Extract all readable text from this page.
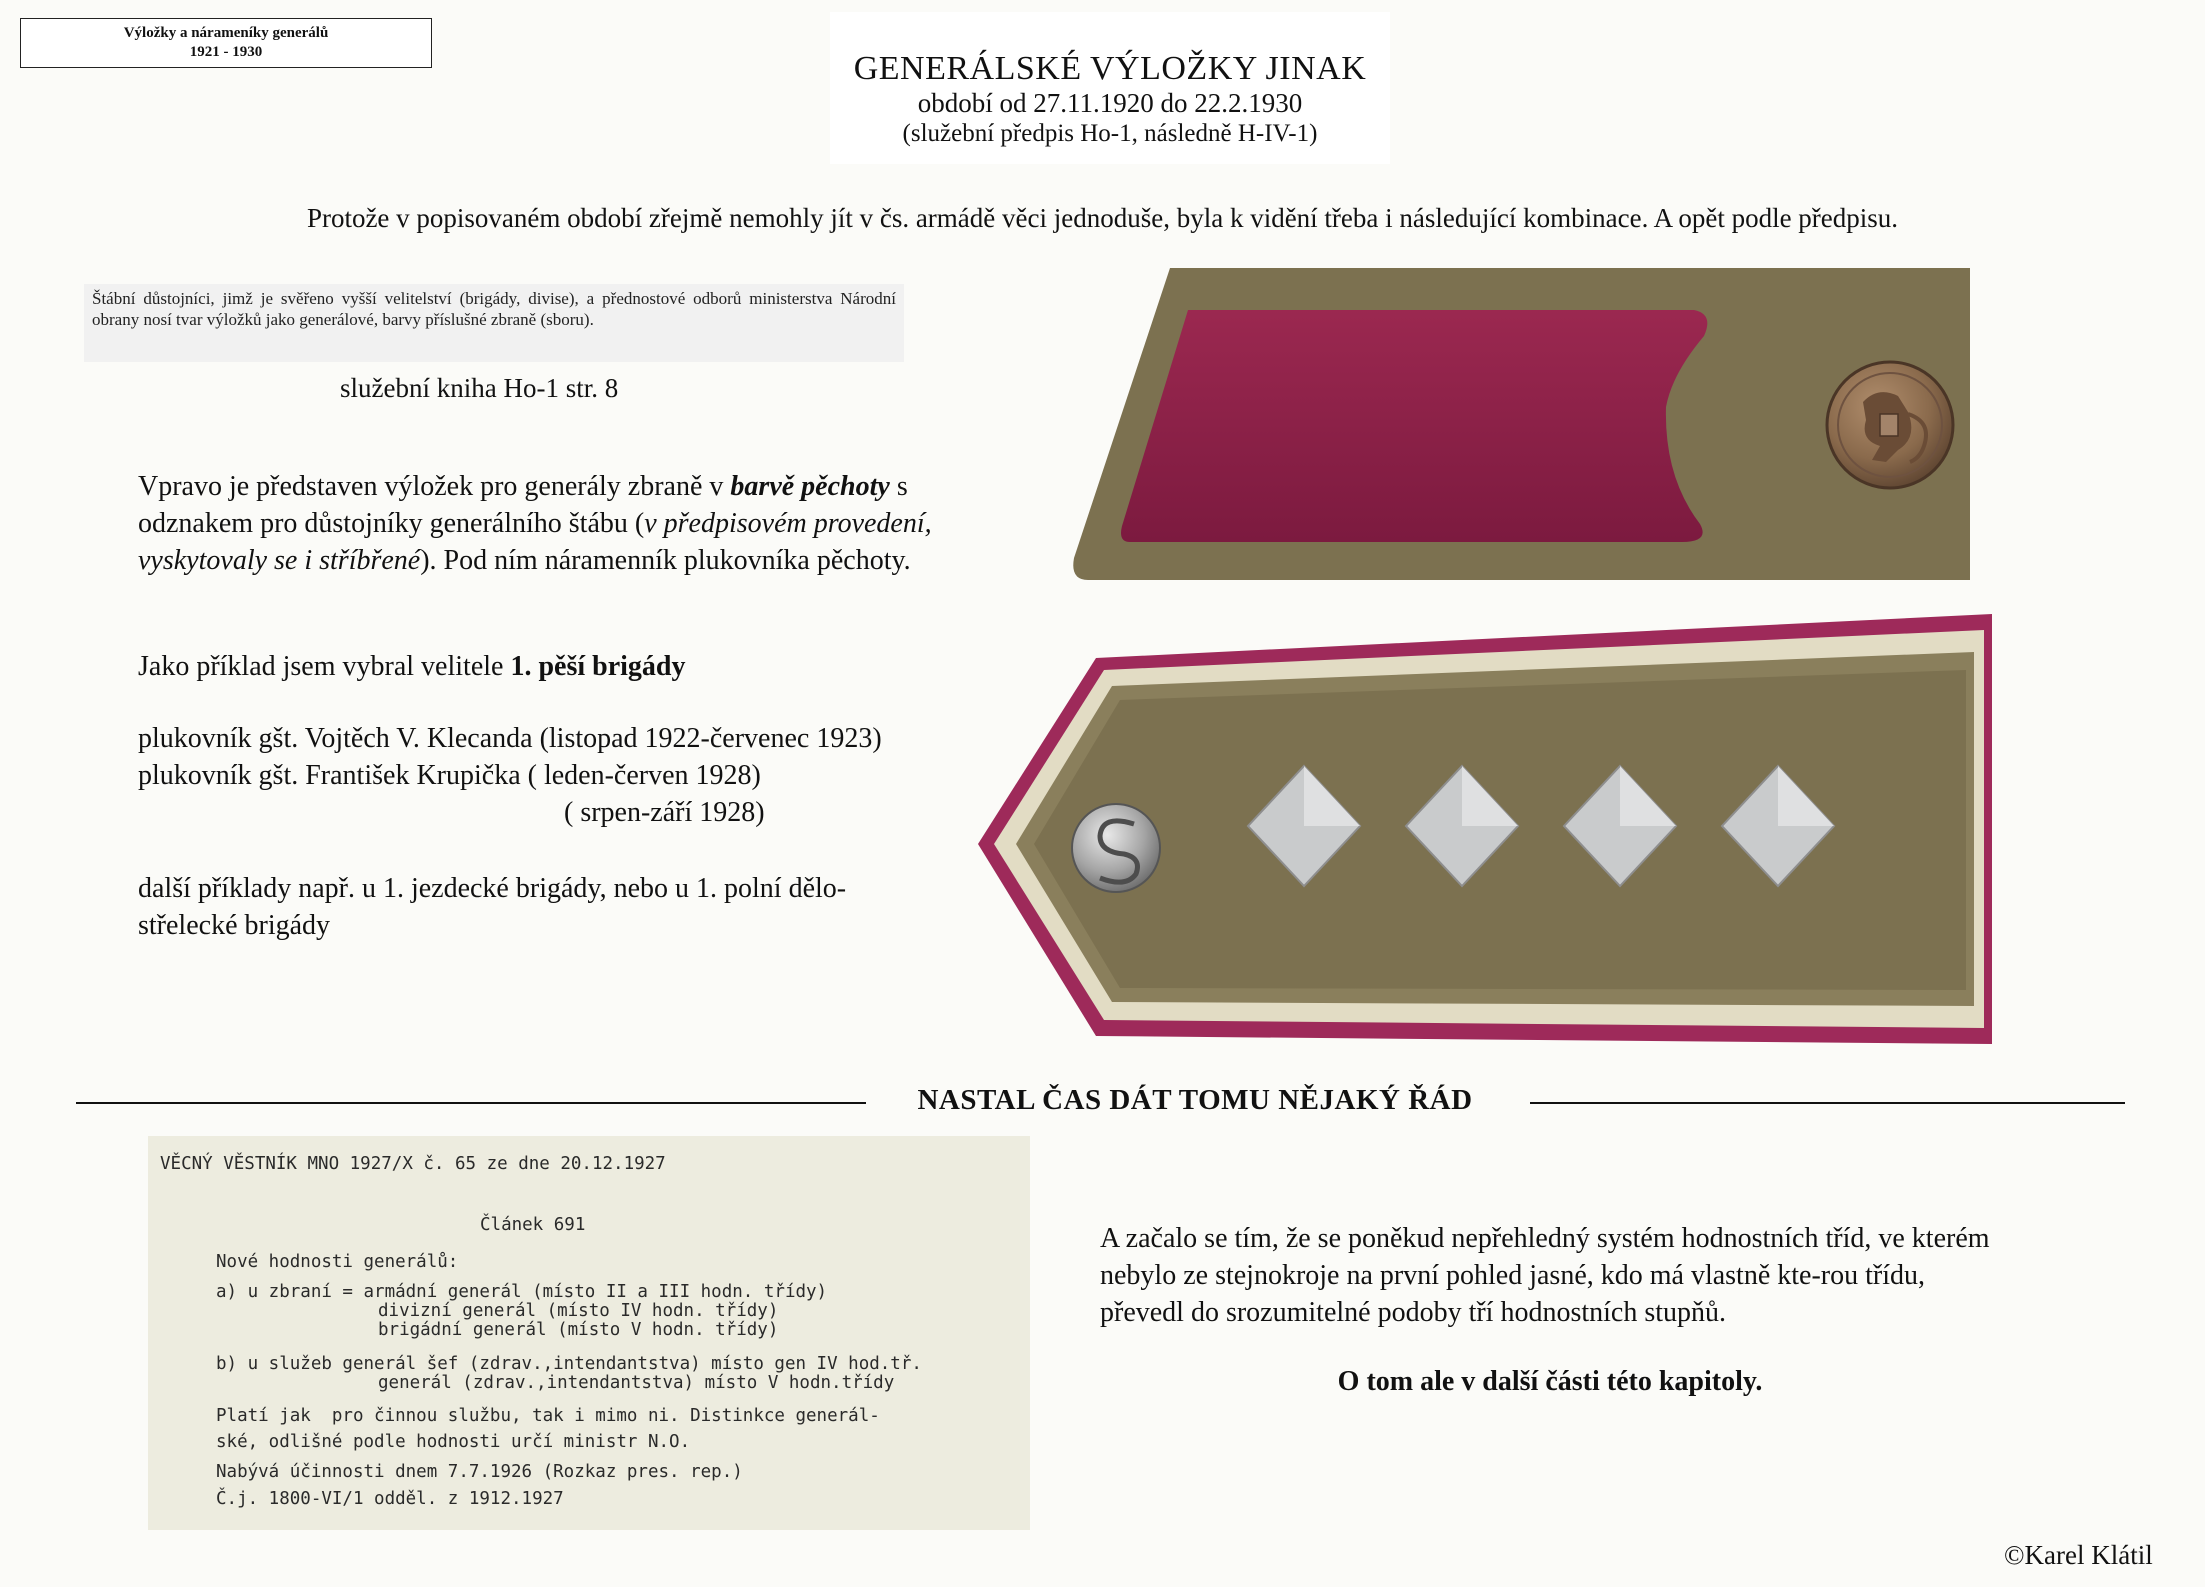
Výložky a nárameníky generálů
1921 - 1930	GENERÁLSKÉ VÝLOŽKY JINAK
období od 27.11.1920 do 22.2.1930
(služební předpis Ho-1, následně H-IV-1)
Protože v popisovaném období zřejmě nemohly jít v čs. armádě věci jednoduše, byla k vidění třeba i následující kombinace. A opět podle předpisu.
Štábní důstojníci, jimž je svěřeno vyšší velitelství (brigády, divise), a přednostové odborů ministerstva Národní obrany nosí tvar výložků jako generálové, barvy příslušné zbraně (sboru).
služební kniha Ho-1 str. 8
Vpravo je představen výložek pro generály zbraně v barvě pěchoty s odznakem pro důstojníky generálního štábu (v předpisovém provedení, vyskytovaly se i stříbřené). Pod ním náramenník plukovníka pěchoty.
Jako příklad jsem vybral velitele 1. pěší brigády
plukovník gšt. Vojtěch V. Klecanda (listopad 1922-červenec 1923)
plukovník gšt. František Krupička ( leden-červen 1928)
( srpen-září 1928)
další příklady např. u 1. jezdecké brigády, nebo u 1. polní dělo-střelecké brigády
NASTAL ČAS DÁT TOMU NĚJAKÝ ŘÁD
VĚCNÝ VĚSTNÍK MNO 1927/X č. 65 ze dne 20.12.1927
Článek 691
Nové hodnosti generálů:
a) u zbraní = armádní generál (místo II a III hodn. třídy)
divizní generál (místo IV hodn. třídy)
brigádní generál (místo V hodn. třídy)
b) u služeb generál šef (zdrav.,intendantstva) místo gen IV hod.tř.
generál (zdrav.,intendantstva) místo V hodn.třídy
Platí jak  pro činnou službu, tak i mimo ni. Distinkce generál-
ské, odlišné podle hodnosti určí ministr N.O.
Nabývá účinnosti dnem 7.7.1926 (Rozkaz pres. rep.)
Č.j. 1800-VI/1 odděl. z 1912.1927
A začalo se tím, že se poněkud nepřehledný systém hodnostních tříd, ve kterém nebylo ze stejnokroje na první pohled jasné, kdo má vlastně kte-rou třídu, převedl do srozumitelné podoby tří hodnostních stupňů.
O tom ale v další části této kapitoly.
©Karel Klátil
